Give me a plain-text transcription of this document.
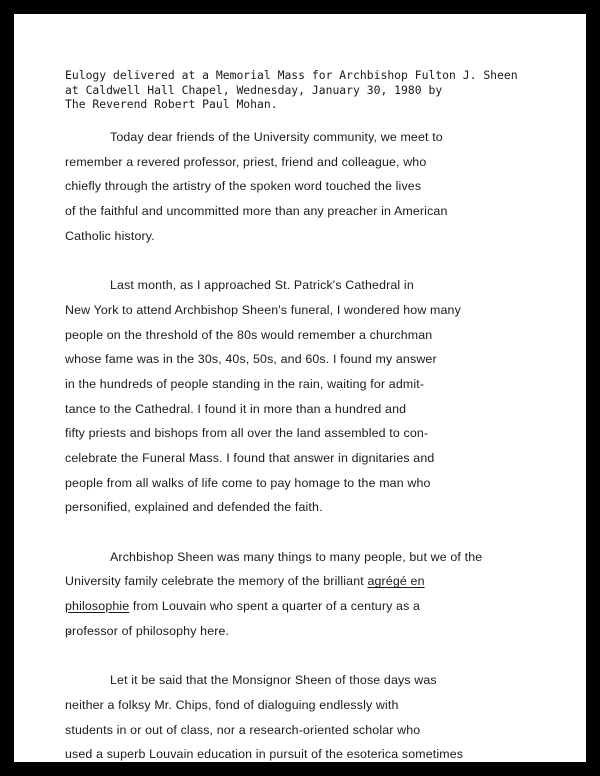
Eulogy delivered at a Memorial Mass for Archbishop Fulton J. Sheen
at Caldwell Hall Chapel, Wednesday, January 30, 1980 by
The Reverend Robert Paul Mohan.
Today dear friends of the University community, we meet to
remember a revered professor, priest, friend and colleague, who
chiefly through the artistry of the spoken word touched the lives
of the faithful and uncommitted more than any preacher in American
Catholic history.
Last month, as I approached St. Patrick's Cathedral in
New York to attend Archbishop Sheen's funeral, I wondered how many
people on the threshold of the 80s would remember a churchman
whose fame was in the 30s, 40s, 50s, and 60s. I found my answer
in the hundreds of people standing in the rain, waiting for admit-
tance to the Cathedral. I found it in more than a hundred and
fifty priests and bishops from all over the land assembled to con-
celebrate the Funeral Mass. I found that answer in dignitaries and
people from all walks of life come to pay homage to the man who
personified, explained and defended the faith.
Archbishop Sheen was many things to many people, but we of the
University family celebrate the memory of the brilliant agrégé en
philosophie from Louvain who spent a quarter of a century as a
professor of philosophy here.
Let it be said that the Monsignor Sheen of those days was
neither a folksy Mr. Chips, fond of dialoguing endlessly with
students in or out of class, nor a research-oriented scholar who
used a superb Louvain education in pursuit of the esoterica sometimes
